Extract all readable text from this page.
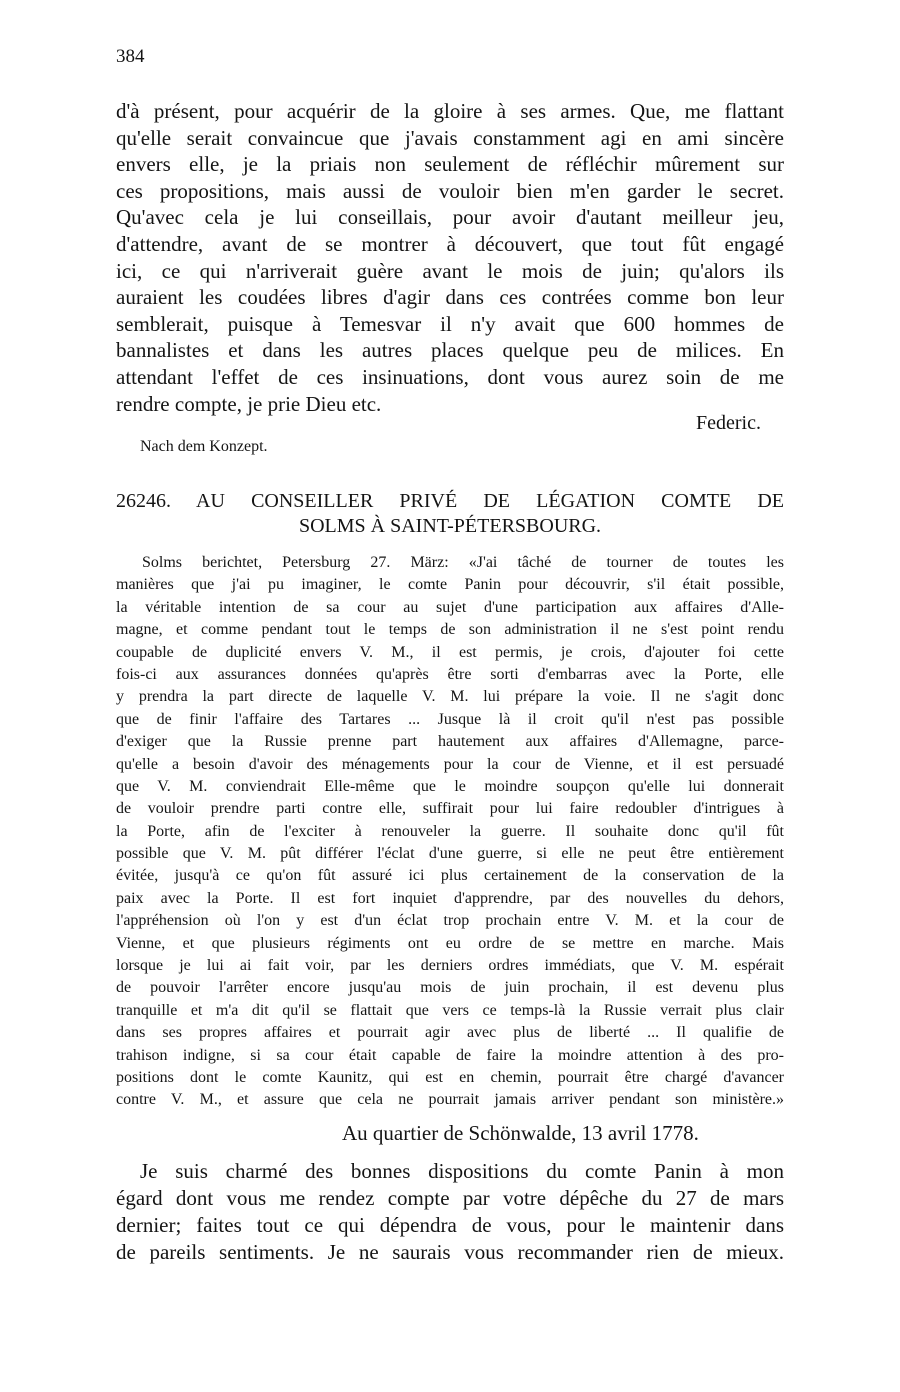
384
d'à présent, pour acquérir de la gloire à ses armes. Que, me flattant
qu'elle serait convaincue que j'avais constamment agi en ami sincère
envers elle, je la priais non seulement de réfléchir mûrement sur
ces propositions, mais aussi de vouloir bien m'en garder le secret.
Qu'avec cela je lui conseillais, pour avoir d'autant meilleur jeu,
d'attendre, avant de se montrer à découvert, que tout fût engagé
ici, ce qui n'arriverait guère avant le mois de juin; qu'alors ils
auraient les coudées libres d'agir dans ces contrées comme bon leur
semblerait, puisque à Temesvar il n'y avait que 600 hommes de
bannalistes et dans les autres places quelque peu de milices. En
attendant l'effet de ces insinuations, dont vous aurez soin de me
rendre compte, je prie Dieu etc.
Federic.
Nach dem Konzept.
26246. AU CONSEILLER PRIVÉ DE LÉGATION COMTE DE
SOLMS À SAINT-PÉTERSBOURG.
Solms berichtet, Petersburg 27. März: «J'ai tâché de tourner de toutes les
manières que j'ai pu imaginer, le comte Panin pour découvrir, s'il était possible,
la véritable intention de sa cour au sujet d'une participation aux affaires d'Alle-
magne, et comme pendant tout le temps de son administration il ne s'est point rendu
coupable de duplicité envers V. M., il est permis, je crois, d'ajouter foi cette
fois-ci aux assurances données qu'après être sorti d'embarras avec la Porte, elle
y prendra la part directe de laquelle V. M. lui prépare la voie. Il ne s'agit donc
que de finir l'affaire des Tartares ... Jusque là il croit qu'il n'est pas possible
d'exiger que la Russie prenne part hautement aux affaires d'Allemagne, parce-
qu'elle a besoin d'avoir des ménagements pour la cour de Vienne, et il est persuadé
que V. M. conviendrait Elle-même que le moindre soupçon qu'elle lui donnerait
de vouloir prendre parti contre elle, suffirait pour lui faire redoubler d'intrigues à
la Porte, afin de l'exciter à renouveler la guerre. Il souhaite donc qu'il fût
possible que V. M. pût différer l'éclat d'une guerre, si elle ne peut être entièrement
évitée, jusqu'à ce qu'on fût assuré ici plus certainement de la conservation de la
paix avec la Porte. Il est fort inquiet d'apprendre, par des nouvelles du dehors,
l'appréhension où l'on y est d'un éclat trop prochain entre V. M. et la cour de
Vienne, et que plusieurs régiments ont eu ordre de se mettre en marche. Mais
lorsque je lui ai fait voir, par les derniers ordres immédiats, que V. M. espérait
de pouvoir l'arrêter encore jusqu'au mois de juin prochain, il est devenu plus
tranquille et m'a dit qu'il se flattait que vers ce temps-là la Russie verrait plus clair
dans ses propres affaires et pourrait agir avec plus de liberté ... Il qualifie de
trahison indigne, si sa cour était capable de faire la moindre attention à des pro-
positions dont le comte Kaunitz, qui est en chemin, pourrait être chargé d'avancer
contre V. M., et assure que cela ne pourrait jamais arriver pendant son ministère.»
Au quartier de Schönwalde, 13 avril 1778.
Je suis charmé des bonnes dispositions du comte Panin à mon
égard dont vous me rendez compte par votre dépêche du 27 de mars
dernier; faites tout ce qui dépendra de vous, pour le maintenir dans
de pareils sentiments. Je ne saurais vous recommander rien de mieux.
